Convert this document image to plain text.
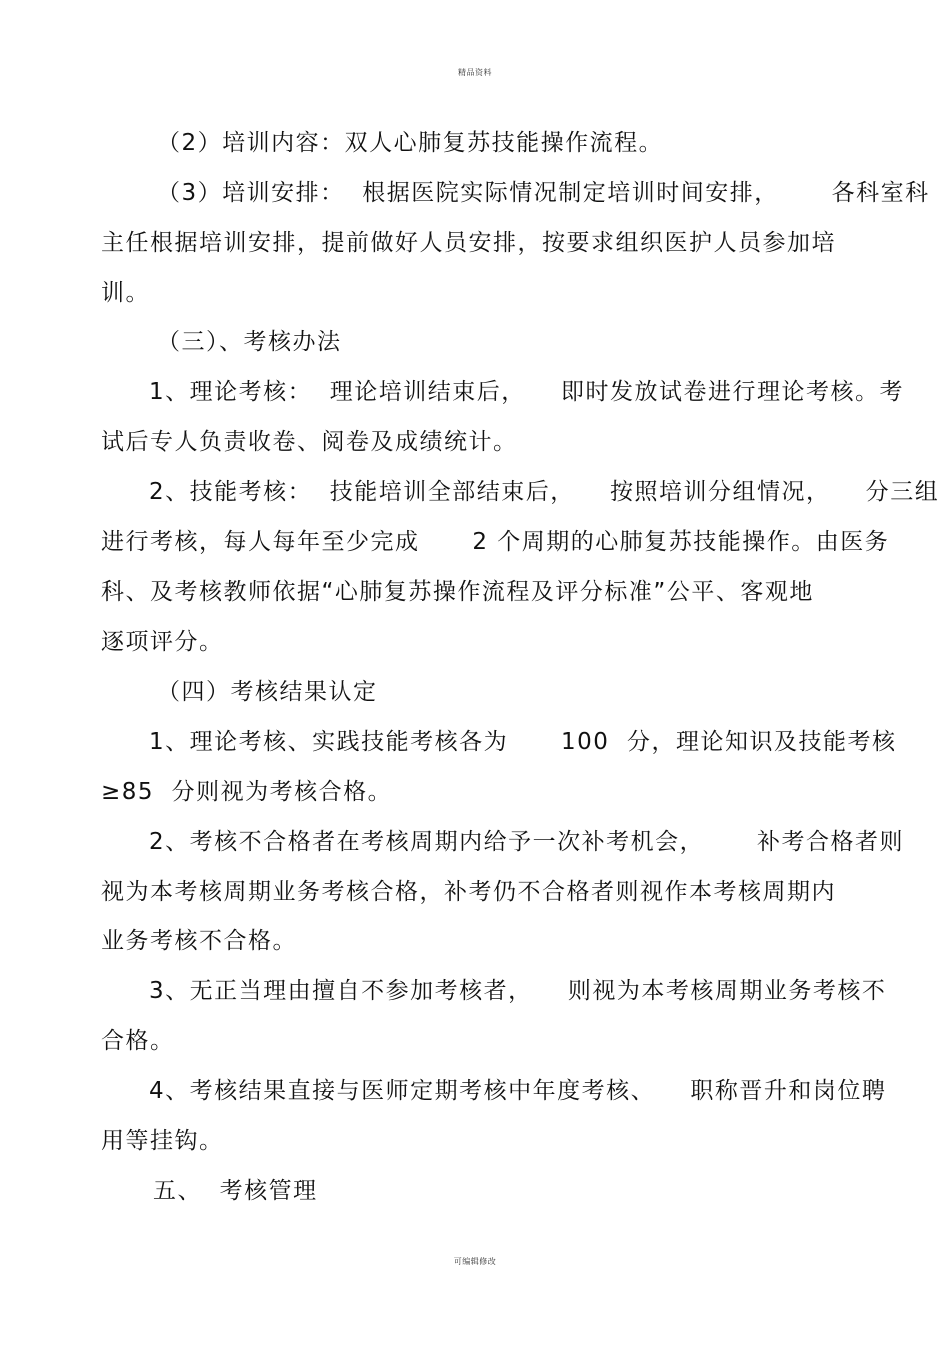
精品资料
（2）培训内容：双人心肺复苏技能操作流程。
（3）培训安排：  根据医院实际情况制定培训时间安排，      各科室科
主任根据培训安排，提前做好人员安排，按要求组织医护人员参加培
训。
（三）、考核办法
1、理论考核：  理论培训结束后，    即时发放试卷进行理论考核。考
试后专人负责收卷、阅卷及成绩统计。
2、技能考核：  技能培训全部结束后，    按照培训分组情况，    分三组
进行考核，每人每年至少完成      2 个周期的心肺复苏技能操作。由医务
科、及考核教师依据“心肺复苏操作流程及评分标准”公平、客观地
逐项评分。
（四）考核结果认定
1、理论考核、实践技能考核各为      100  分，理论知识及技能考核
≥85  分则视为考核合格。
2、考核不合格者在考核周期内给予一次补考机会，      补考合格者则
视为本考核周期业务考核合格，补考仍不合格者则视作本考核周期内
业务考核不合格。
3、无正当理由擅自不参加考核者，    则视为本考核周期业务考核不
合格。
4、考核结果直接与医师定期考核中年度考核、    职称晋升和岗位聘
用等挂钩。
五、  考核管理
可编辑修改
